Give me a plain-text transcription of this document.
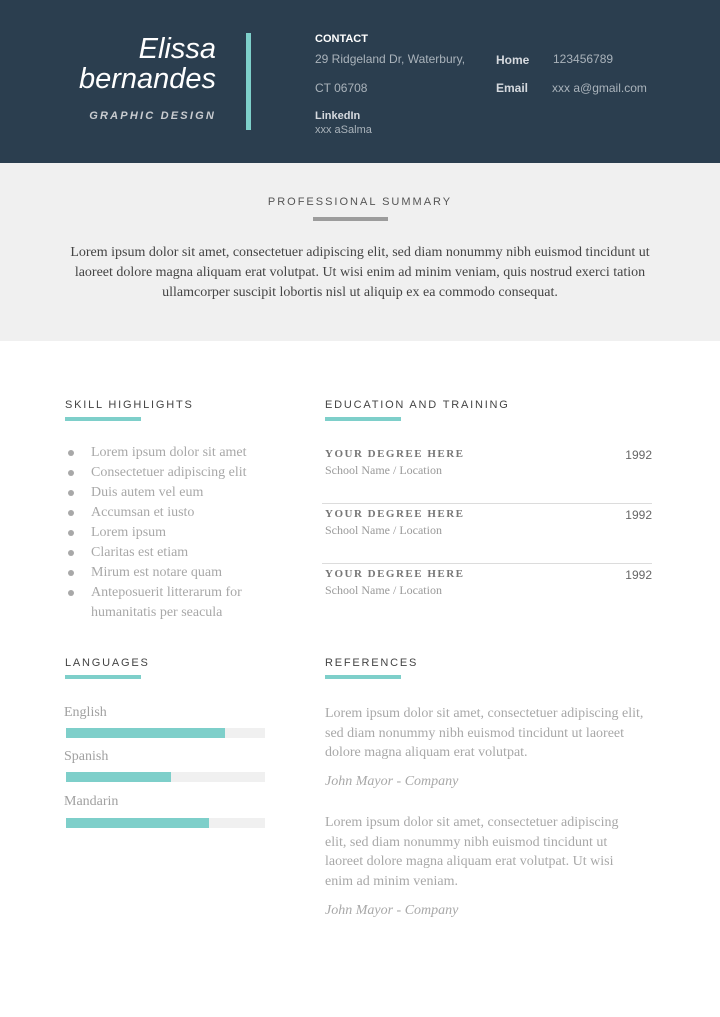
Elissa
bernandes
GRAPHIC DESIGN
CONTACT
29 Ridgeland Dr, Waterbury,
CT 06708
Home 123456789
Email xxx a@gmail.com
LinkedIn
xxx aSalma
PROFESSIONAL SUMMARY
Lorem ipsum dolor sit amet, consectetuer adipiscing elit, sed diam nonummy nibh euismod tincidunt ut laoreet dolore magna aliquam erat volutpat. Ut wisi enim ad minim veniam, quis nostrud exerci tation ullamcorper suscipit lobortis nisl ut aliquip ex ea commodo consequat.
SKILL HIGHLIGHTS
Lorem ipsum dolor sit amet
Consectetuer adipiscing elit
Duis autem vel eum
Accumsan et iusto
Lorem ipsum
Claritas est etiam
Mirum est notare quam
Anteposuerit litterarum for humanitatis per seacula
EDUCATION AND TRAINING
YOUR DEGREE HERE
School Name / Location
1992
YOUR DEGREE HERE
School Name / Location
1992
YOUR DEGREE HERE
School Name / Location
1992
LANGUAGES
English
Spanish
Mandarin
REFERENCES
Lorem ipsum dolor sit amet, consectetuer adipiscing elit, sed diam nonummy nibh euismod tincidunt ut laoreet dolore magna aliquam erat volutpat.
John Mayor - Company
Lorem ipsum dolor sit amet, consectetuer adipiscing elit, sed diam nonummy nibh euismod tincidunt ut laoreet dolore magna aliquam erat volutpat. Ut wisi enim ad minim veniam.
John Mayor - Company
